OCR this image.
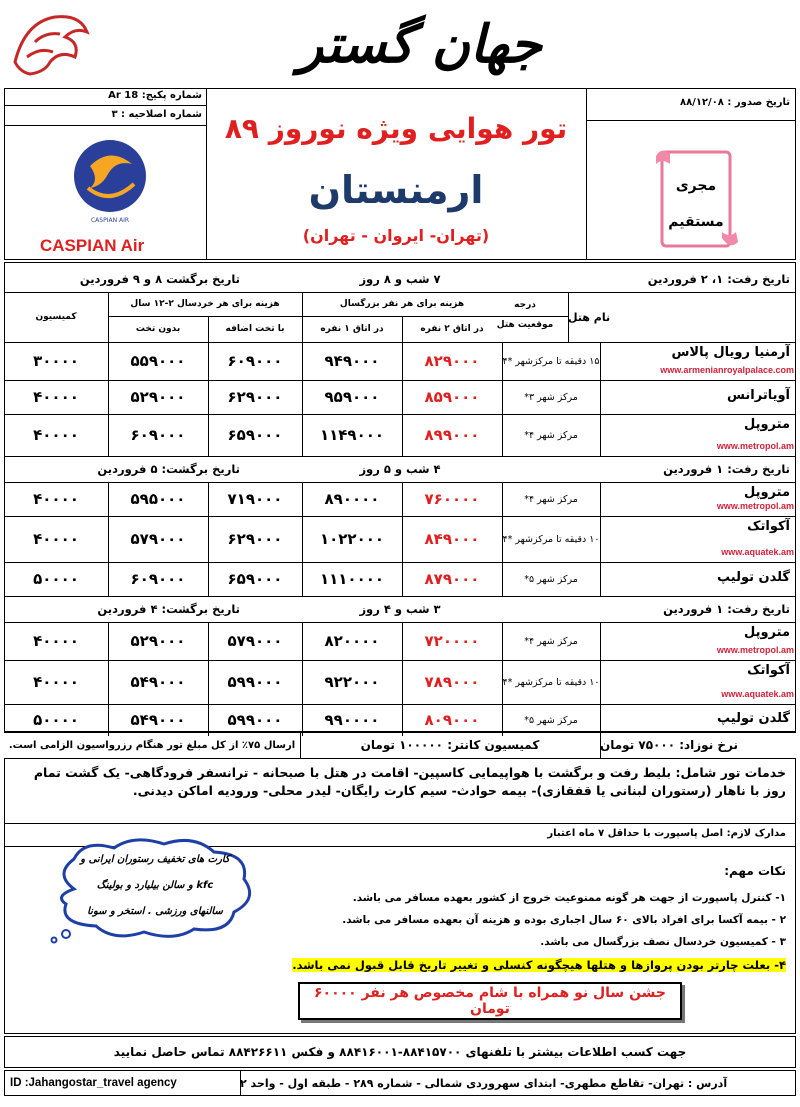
جهان گستر
شماره پکیج: Ar 18
شماره اصلاحیه : ۳
تاریخ صدور : ۸۸/۱۲/۰۸
CASPIAN AIR
CASPIAN Air
تور هوایی ویژه نوروز ۸۹
ارمنستان
(تهران- ایروان - تهران)
مجری
مستقیم
تاریخ رفت: ۱، ۲ فروردین
۷ شب و ۸ روز
تاریخ برگشت ۸ و ۹ فروردین
نام هتل
درجه
موقعیت هتل
هزینه برای هر نفر بزرگسال
در اتاق ۲ نفره
در اتاق ۱ نفره
هزینه برای هر خردسال ۲-۱۲ سال
با تخت اضافه
بدون تخت
کمیسیون
آرمنیا رویال پالاس
www.armenianroyalpalace.com
۱۵ دقیقه تا مرکزشهر *۴
۸۲۹۰۰۰
۹۴۹۰۰۰
۶۰۹۰۰۰
۵۵۹۰۰۰
۳۰۰۰۰
آویاترانس
مرکز شهر ۳*
۸۵۹۰۰۰
۹۵۹۰۰۰
۶۲۹۰۰۰
۵۲۹۰۰۰
۴۰۰۰۰
متروپل
www.metropol.am
مرکز شهر ۴*
۸۹۹۰۰۰
۱۱۴۹۰۰۰
۶۵۹۰۰۰
۶۰۹۰۰۰
۴۰۰۰۰
تاریخ رفت: ۱ فروردین
۴ شب و ۵ روز
تاریخ برگشت: ۵ فروردین
متروپل
www.metropol.am
مرکز شهر ۴*
۷۶۰۰۰۰
۸۹۰۰۰۰
۷۱۹۰۰۰
۵۹۵۰۰۰
۴۰۰۰۰
آکواتک
www.aquatek.am
۱۰ دقیقه تا مرکزشهر *۴
۸۴۹۰۰۰
۱۰۲۲۰۰۰
۶۲۹۰۰۰
۵۷۹۰۰۰
۴۰۰۰۰
گلدن تولیپ
مرکز شهر ۵*
۸۷۹۰۰۰
۱۱۱۰۰۰۰
۶۵۹۰۰۰
۶۰۹۰۰۰
۵۰۰۰۰
تاریخ رفت: ۱ فروردین
۳ شب و ۴ روز
تاریخ برگشت: ۴ فروردین
متروپل
www.metropol.am
مرکز شهر ۴*
۷۲۰۰۰۰
۸۲۰۰۰۰
۵۷۹۰۰۰
۵۲۹۰۰۰
۴۰۰۰۰
آکواتک
www.aquatek.am
۱۰ دقیقه تا مرکزشهر *۴
۷۸۹۰۰۰
۹۲۲۰۰۰
۵۹۹۰۰۰
۵۴۹۰۰۰
۴۰۰۰۰
گلدن تولیپ
مرکز شهر ۵*
۸۰۹۰۰۰
۹۹۰۰۰۰
۵۹۹۰۰۰
۵۴۹۰۰۰
۵۰۰۰۰
نرخ نوزاد: ۷۵۰۰۰ تومان
کمیسیون کانتر: ۱۰۰۰۰۰ تومان
ارسال ۷۵٪ از کل مبلغ تور هنگام رزرواسیون الزامی است.
خدمات تور شامل: بلیط رفت و برگشت با هواپیمایی کاسپین- اقامت در هتل با صبحانه - ترانسفر فرودگاهی- یک گشت تمام روز با ناهار (رستوران لبنانی یا قفقازی)- بیمه حوادث- سیم کارت رایگان- لیدر محلی- ورودیه اماکن دیدنی.
مدارک لازم: اصل پاسپورت با حداقل ۷ ماه اعتبار
کارت های تخفیف رستوران ایرانی و
kfc و سالن بیلیارد و بولینگ
سالنهای ورزشی . استخر و سونا
نکات مهم:
۱- کنترل پاسپورت از جهت هر گونه ممنوعیت خروج از کشور بعهده مسافر می باشد.
۲ - بیمه آکسا برای افراد بالای ۶۰ سال اجباری بوده و هزینه آن بعهده مسافر می باشد.
۳ - کمیسیون خردسال نصف بزرگسال می باشد.
۴- بعلت چارتر بودن پروازها و هتلها هیچگونه کنسلی و تغییر تاریخ قابل قبول نمی باشد.
جشن سال نو همراه با شام مخصوص هر نفر ۶۰۰۰۰ تومان
جهت کسب اطلاعات بیشتر با تلفنهای ۸۸۴۱۵۷۰۰-۸۸۴۱۶۰۰۱ و فکس ۸۸۴۲۶۶۱۱ تماس حاصل نمایید
آدرس : تهران- تقاطع مطهری- ابتدای سهروردی شمالی - شماره ۲۸۹ - طبقه اول - واحد ۲
ID :Jahangostar_travel agency
